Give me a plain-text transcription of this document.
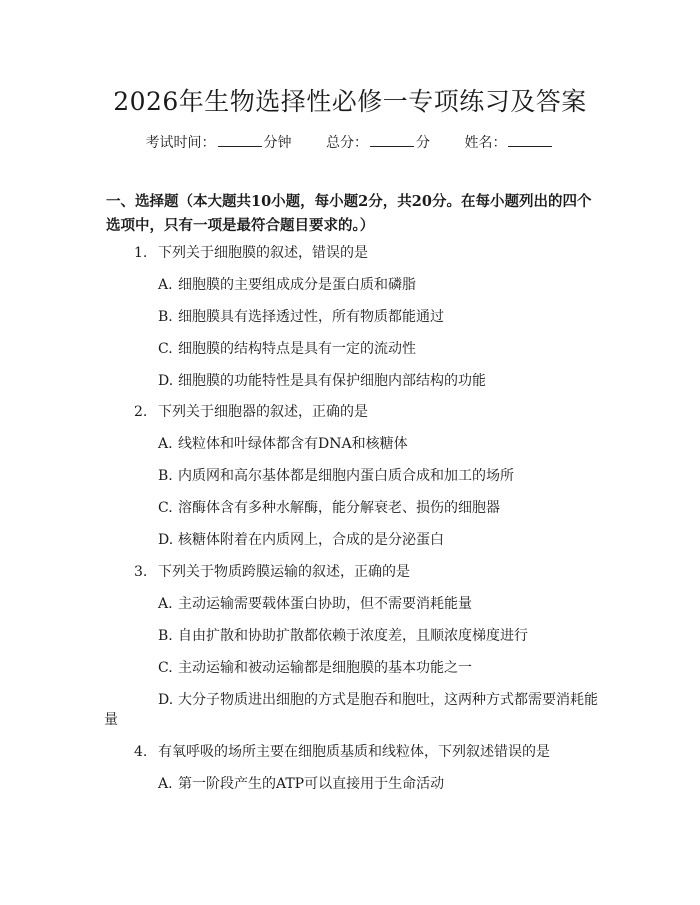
2026年生物选择性必修一专项练习及答案
考试时间：	分钟 总分：	分 姓名：
一、选择题（本大题共10小题，每小题2分，共20分。在每小题列出的四个选项中，只有一项是最符合题目要求的。）
1. 下列关于细胞膜的叙述，错误的是
A. 细胞膜的主要组成成分是蛋白质和磷脂
B. 细胞膜具有选择透过性，所有物质都能通过
C. 细胞膜的结构特点是具有一定的流动性
D. 细胞膜的功能特性是具有保护细胞内部结构的功能
2. 下列关于细胞器的叙述，正确的是
A. 线粒体和叶绿体都含有DNA和核糖体
B. 内质网和高尔基体都是细胞内蛋白质合成和加工的场所
C. 溶酶体含有多种水解酶，能分解衰老、损伤的细胞器
D. 核糖体附着在内质网上，合成的是分泌蛋白
3. 下列关于物质跨膜运输的叙述，正确的是
A. 主动运输需要载体蛋白协助，但不需要消耗能量
B. 自由扩散和协助扩散都依赖于浓度差，且顺浓度梯度进行
C. 主动运输和被动运输都是细胞膜的基本功能之一
D. 大分子物质进出细胞的方式是胞吞和胞吐，这两种方式都需要消耗能
量
4. 有氧呼吸的场所主要在细胞质基质和线粒体，下列叙述错误的是
A. 第一阶段产生的ATP可以直接用于生命活动
